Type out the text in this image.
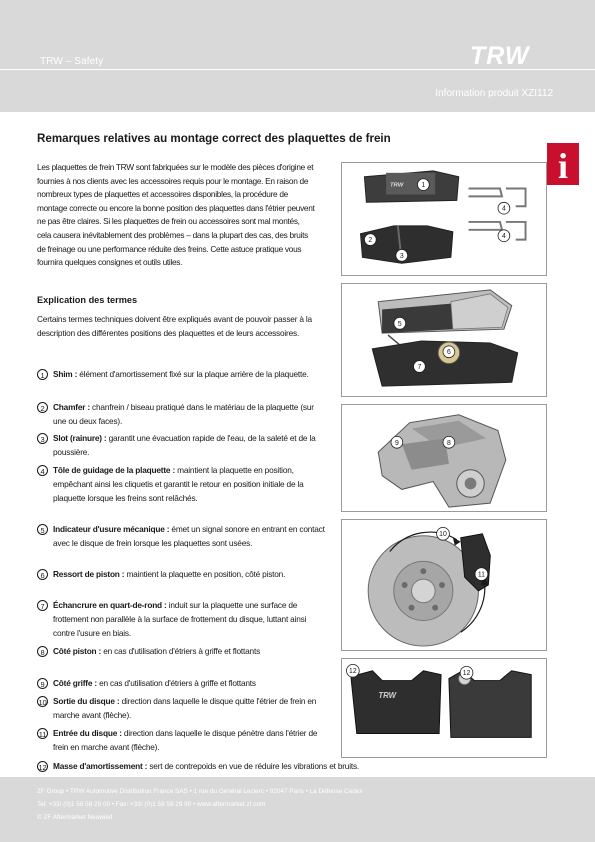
TRW – Safety	TRW
Information produit XZI112
i
Remarques relatives au montage correct des plaquettes de frein

Les plaquettes de frein TRW sont fabriquées sur le modèle des pièces d'origine et fournies à nos clients avec les accessoires requis pour le montage. En raison de nombreux types de plaquettes et accessoires disponibles, la procédure de montage correcte ou encore la bonne position des plaquettes dans l'étrier peuvent ne pas être claires. Si les plaquettes de frein ou accessoires sont mal montés, cela causera inévitablement des problèmes – dans la plupart des cas, des bruits de freinage ou une performance réduite des freins. Cette astuce pratique vous fournira quelques consignes et outils utiles.

Explication des termes

Certains termes techniques doivent être expliqués avant de pouvoir passer à la description des différentes positions des plaquettes et de leurs accessoires.

1	Shim : élément d'amortissement fixé sur la plaque arrière de la plaquette.
2	Chamfer : chanfrein / biseau pratiqué dans le matériau de la plaquette (sur une ou deux faces).
3	Slot (rainure) : garantit une évacuation rapide de l'eau, de la saleté et de la poussière.
4	Tôle de guidage de la plaquette : maintient la plaquette en position, empêchant ainsi les cliquetis et garantit le retour en position initiale de la plaquette lorsque les freins sont relâchés.
5	Indicateur d'usure mécanique : émet un signal sonore en entrant en contact avec le disque de frein lorsque les plaquettes sont usées.
6	Ressort de piston : maintient la plaquette en position, côté piston.
7	Échancrure en quart-de-rond : induit sur la plaquette une surface de frottement non parallèle à la surface de frottement du disque, luttant ainsi contre l'usure en biais.
8	Côté piston : en cas d'utilisation d'étriers à griffe et flottants
9	Côté griffe : en cas d'utilisation d'étriers à griffe et flottants
10 Sortie du disque : direction dans laquelle le disque quitte l'étrier de frein en marche avant (flèche).
11 Entrée du disque : direction dans laquelle le disque pénètre dans l'étrier de frein en marche avant (flèche).
12 Masse d'amortissement : sert de contrepoids en vue de réduire les vibrations et bruits.
TRW	1
2
3
4
4
5
6
7
9	8
10
11
TRW
12	12
ZF Group • TRW Automotive Distribution France SAS • 1 rue du Général Leclerc • 92047 Paris • La Défense Cedex
Tel: +33/ (0)1 58 58 29 00 • Fax: +33/ (0)1 58 58 29 90 • www.aftermarket.zf.com
© ZF Aftermarket Neuwied
